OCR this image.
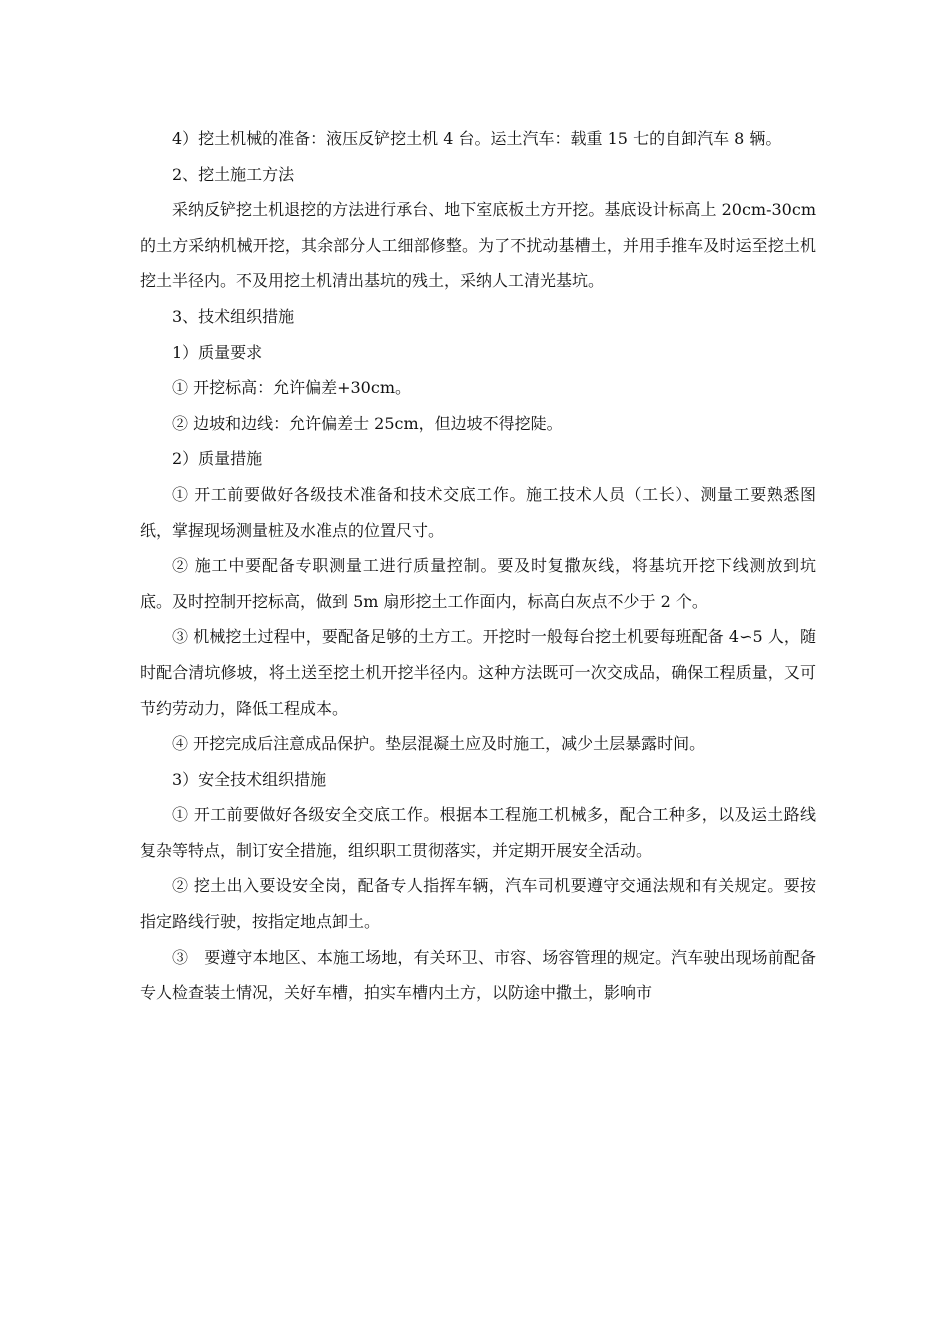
4）挖土机械的准备：液压反铲挖土机 4 台。运土汽车：载重 15 七的自卸汽车 8 辆。

2、挖土施工方法

采纳反铲挖土机退挖的方法进行承台、地下室底板土方开挖。基底设计标高上 20cm-30cm 的土方采纳机械开挖，其余部分人工细部修整。为了不扰动基槽土，并用手推车及时运至挖土机挖土半径内。不及用挖土机清出基坑的残土，采纳人工清光基坑。

3、技术组织措施

1）质量要求

① 开挖标高：允许偏差+30cm。

② 边坡和边线：允许偏差士 25cm，但边坡不得挖陡。

2）质量措施

① 开工前要做好各级技术准备和技术交底工作。施工技术人员（工长）、测量工要熟悉图纸，掌握现场测量桩及水准点的位置尺寸。

② 施工中要配备专职测量工进行质量控制。要及时复撒灰线，将基坑开挖下线测放到坑底。及时控制开挖标高，做到 5m 扇形挖土工作面内，标高白灰点不少于 2 个。

③ 机械挖土过程中，要配备足够的土方工。开挖时一般每台挖土机要每班配备 4∽5 人，随时配合清坑修坡，将土送至挖土机开挖半径内。这种方法既可一次交成品，确保工程质量，又可节约劳动力，降低工程成本。

④ 开挖完成后注意成品保护。垫层混凝土应及时施工，减少土层暴露时间。

3）安全技术组织措施

① 开工前要做好各级安全交底工作。根据本工程施工机械多，配合工种多，以及运土路线复杂等特点，制订安全措施，组织职工贯彻落实，并定期开展安全活动。

② 挖土出入要设安全岗，配备专人指挥车辆，汽车司机要遵守交通法规和有关规定。要按指定路线行驶，按指定地点卸土。

③　要遵守本地区、本施工场地，有关环卫、市容、场容管理的规定。汽车驶出现场前配备专人检查装土情况，关好车槽，拍实车槽内土方，以防途中撒土，影响市
